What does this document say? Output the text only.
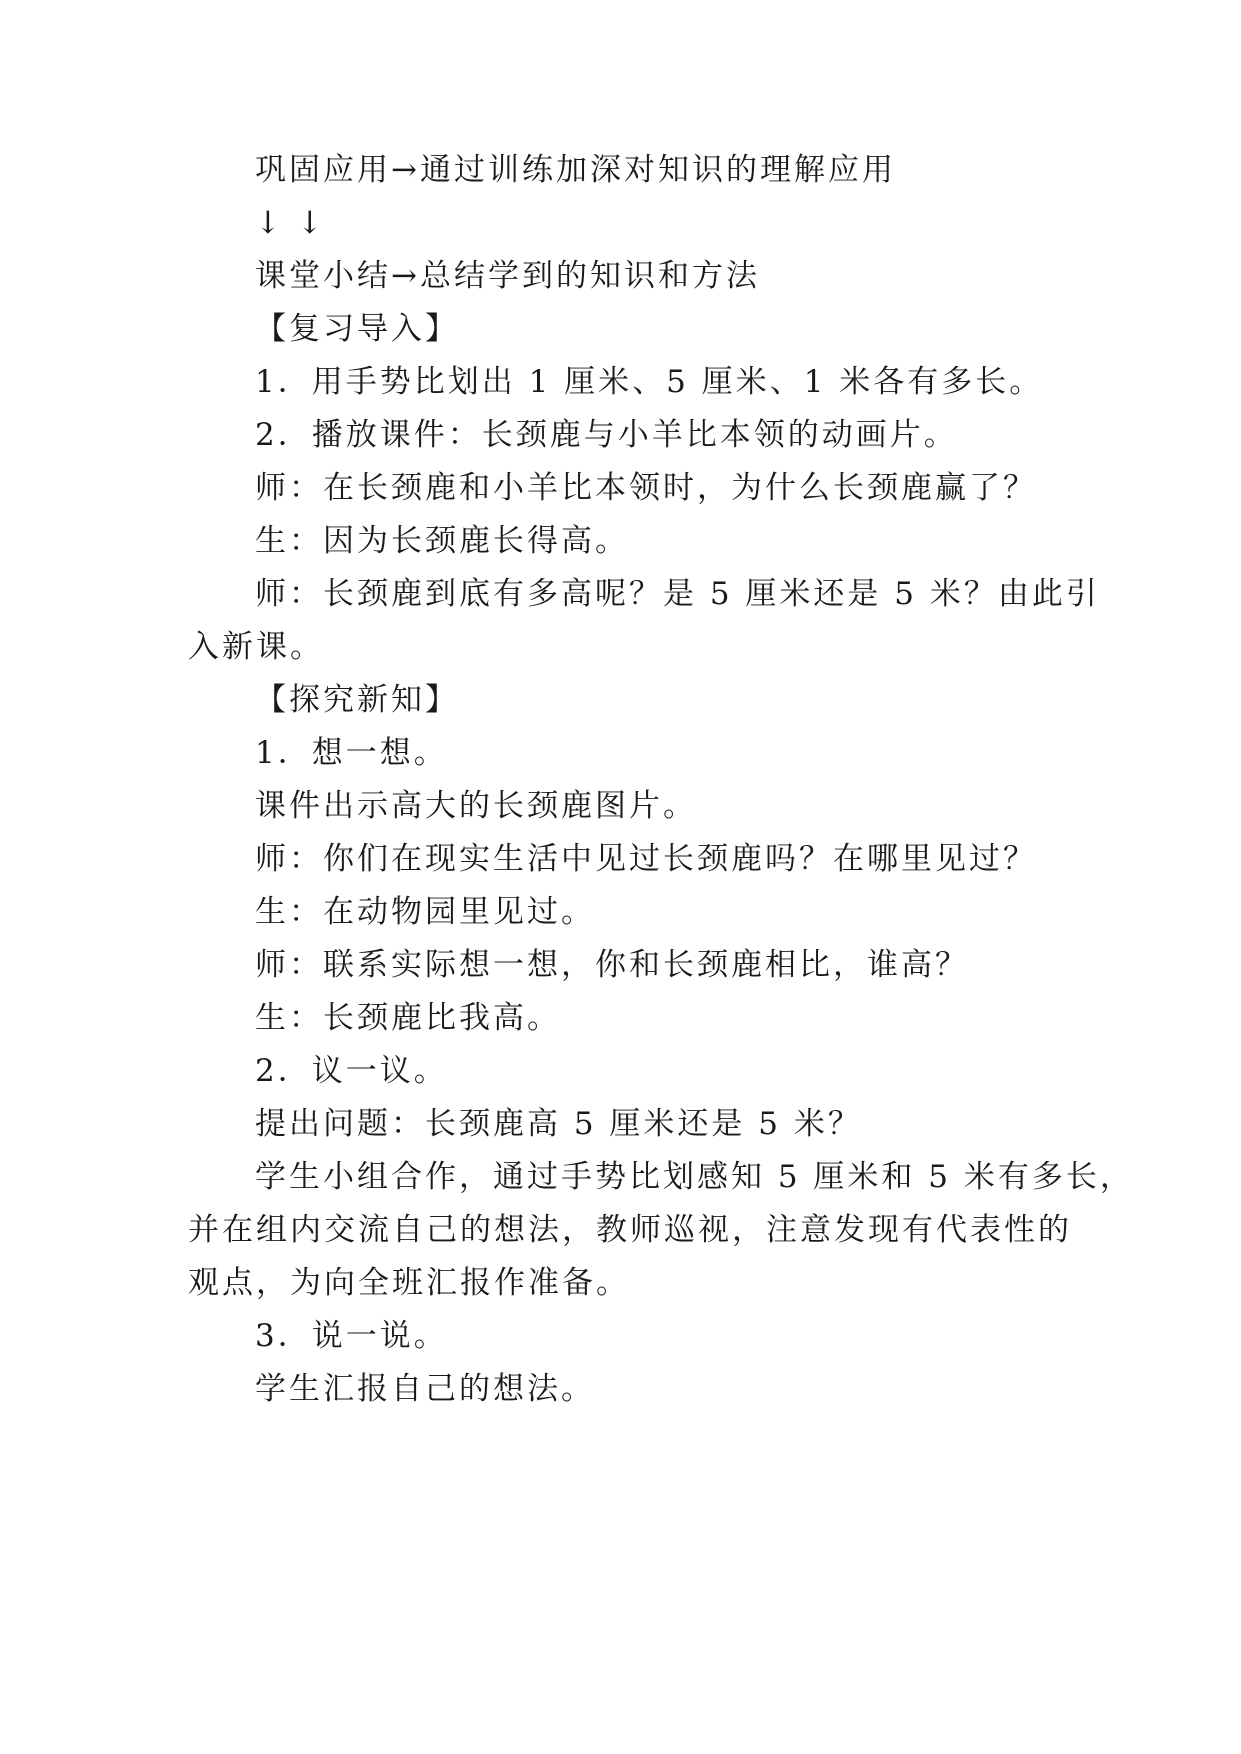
巩固应用→通过训练加深对知识的理解应用

↓ ↓

课堂小结→总结学到的知识和方法

【复习导入】

1．用手势比划出 1 厘米、5 厘米、1 米各有多长。

2．播放课件：长颈鹿与小羊比本领的动画片。

师：在长颈鹿和小羊比本领时，为什么长颈鹿赢了？

生：因为长颈鹿长得高。

师：长颈鹿到底有多高呢？是 5 厘米还是 5 米？由此引

入新课。

【探究新知】

1．想一想。

课件出示高大的长颈鹿图片。

师：你们在现实生活中见过长颈鹿吗？在哪里见过？

生：在动物园里见过。

师：联系实际想一想，你和长颈鹿相比，谁高？

生：长颈鹿比我高。

2．议一议。

提出问题：长颈鹿高 5 厘米还是 5 米？

学生小组合作，通过手势比划感知 5 厘米和 5 米有多长，

并在组内交流自己的想法，教师巡视，注意发现有代表性的

观点，为向全班汇报作准备。

3．说一说。

学生汇报自己的想法。
